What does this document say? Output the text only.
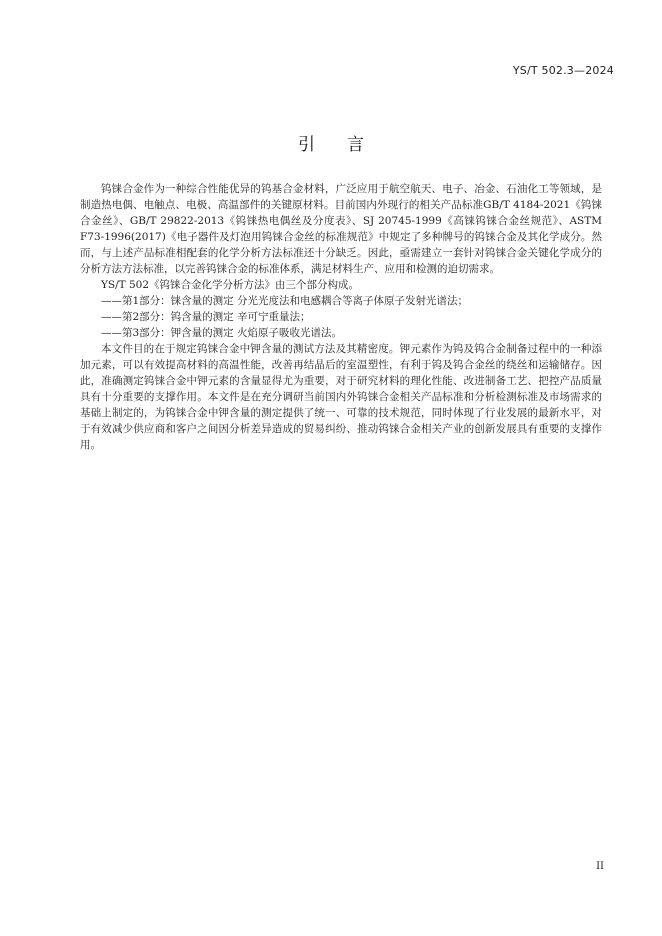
YS/T 502.3—2024
引言

钨铼合金作为一种综合性能优异的钨基合金材料，广泛应用于航空航天、电子、冶金、石油化工等领域，是制造热电偶、电触点、电极、高温部件的关键原材料。目前国内外现行的相关产品标准GB/T 4184-2021《钨铼合金丝》、GB/T 29822-2013《钨铼热电偶丝及分度表》、SJ 20745-1999《高铼钨铼合金丝规范》、ASTM F73-1996(2017)《电子器件及灯泡用钨铼合金丝的标准规范》中规定了多种牌号的钨铼合金及其化学成分。然而，与上述产品标准相配套的化学分析方法标准还十分缺乏。因此，亟需建立一套针对钨铼合金关键化学成分的分析方法方法标准，以完善钨铼合金的标准体系，满足材料生产、应用和检测的迫切需求。

YS/T 502《钨铼合金化学分析方法》由三个部分构成。

——第1部分：铼含量的测定 分光光度法和电感耦合等离子体原子发射光谱法；

——第2部分：钨含量的测定 辛可宁重量法；

——第3部分：钾含量的测定 火焰原子吸收光谱法。

本文件目的在于规定钨铼合金中钾含量的测试方法及其精密度。钾元素作为钨及钨合金制备过程中的一种添加元素，可以有效提高材料的高温性能，改善再结晶后的室温塑性，有利于钨及钨合金丝的绕丝和运输储存。因此，准确测定钨铼合金中钾元素的含量显得尤为重要，对于研究材料的理化性能、改进制备工艺、把控产品质量具有十分重要的支撑作用。本文件是在充分调研当前国内外钨铼合金相关产品标准和分析检测标准及市场需求的基础上制定的，为钨铼合金中钾含量的测定提供了统一、可靠的技术规范，同时体现了行业发展的最新水平，对于有效减少供应商和客户之间因分析差异造成的贸易纠纷、推动钨铼合金相关产业的创新发展具有重要的支撑作用。

II
